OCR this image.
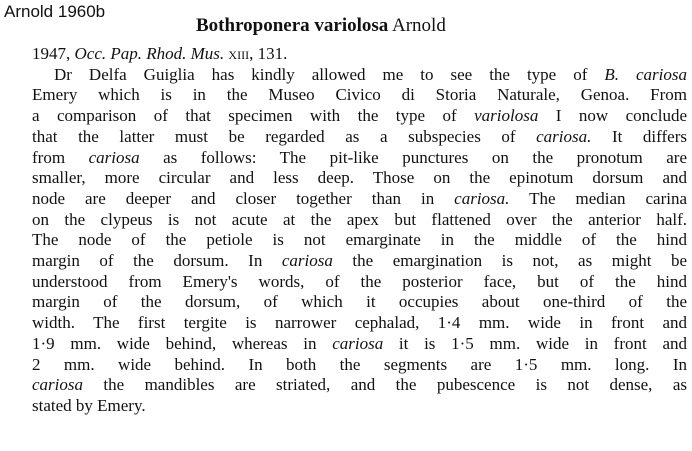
Arnold 1960b
Bothroponera variolosa Arnold
1947, Occ. Pap. Rhod. Mus. xiii, 131.
Dr Delfa Guiglia has kindly allowed me to see the type of B. cariosa
Emery which is in the Museo Civico di Storia Naturale, Genoa. From
a comparison of that specimen with the type of variolosa I now conclude
that the latter must be regarded as a subspecies of cariosa. It differs
from cariosa as follows: The pit-like punctures on the pronotum are
smaller, more circular and less deep. Those on the epinotum dorsum and
node are deeper and closer together than in cariosa. The median carina
on the clypeus is not acute at the apex but flattened over the anterior half.
The node of the petiole is not emarginate in the middle of the hind
margin of the dorsum. In cariosa the emargination is not, as might be
understood from Emery's words, of the posterior face, but of the hind
margin of the dorsum, of which it occupies about one-third of the
width. The first tergite is narrower cephalad, 1·4 mm. wide in front and
1·9 mm. wide behind, whereas in cariosa it is 1·5 mm. wide in front and
2 mm. wide behind. In both the segments are 1·5 mm. long. In
cariosa the mandibles are striated, and the pubescence is not dense, as
stated by Emery.
